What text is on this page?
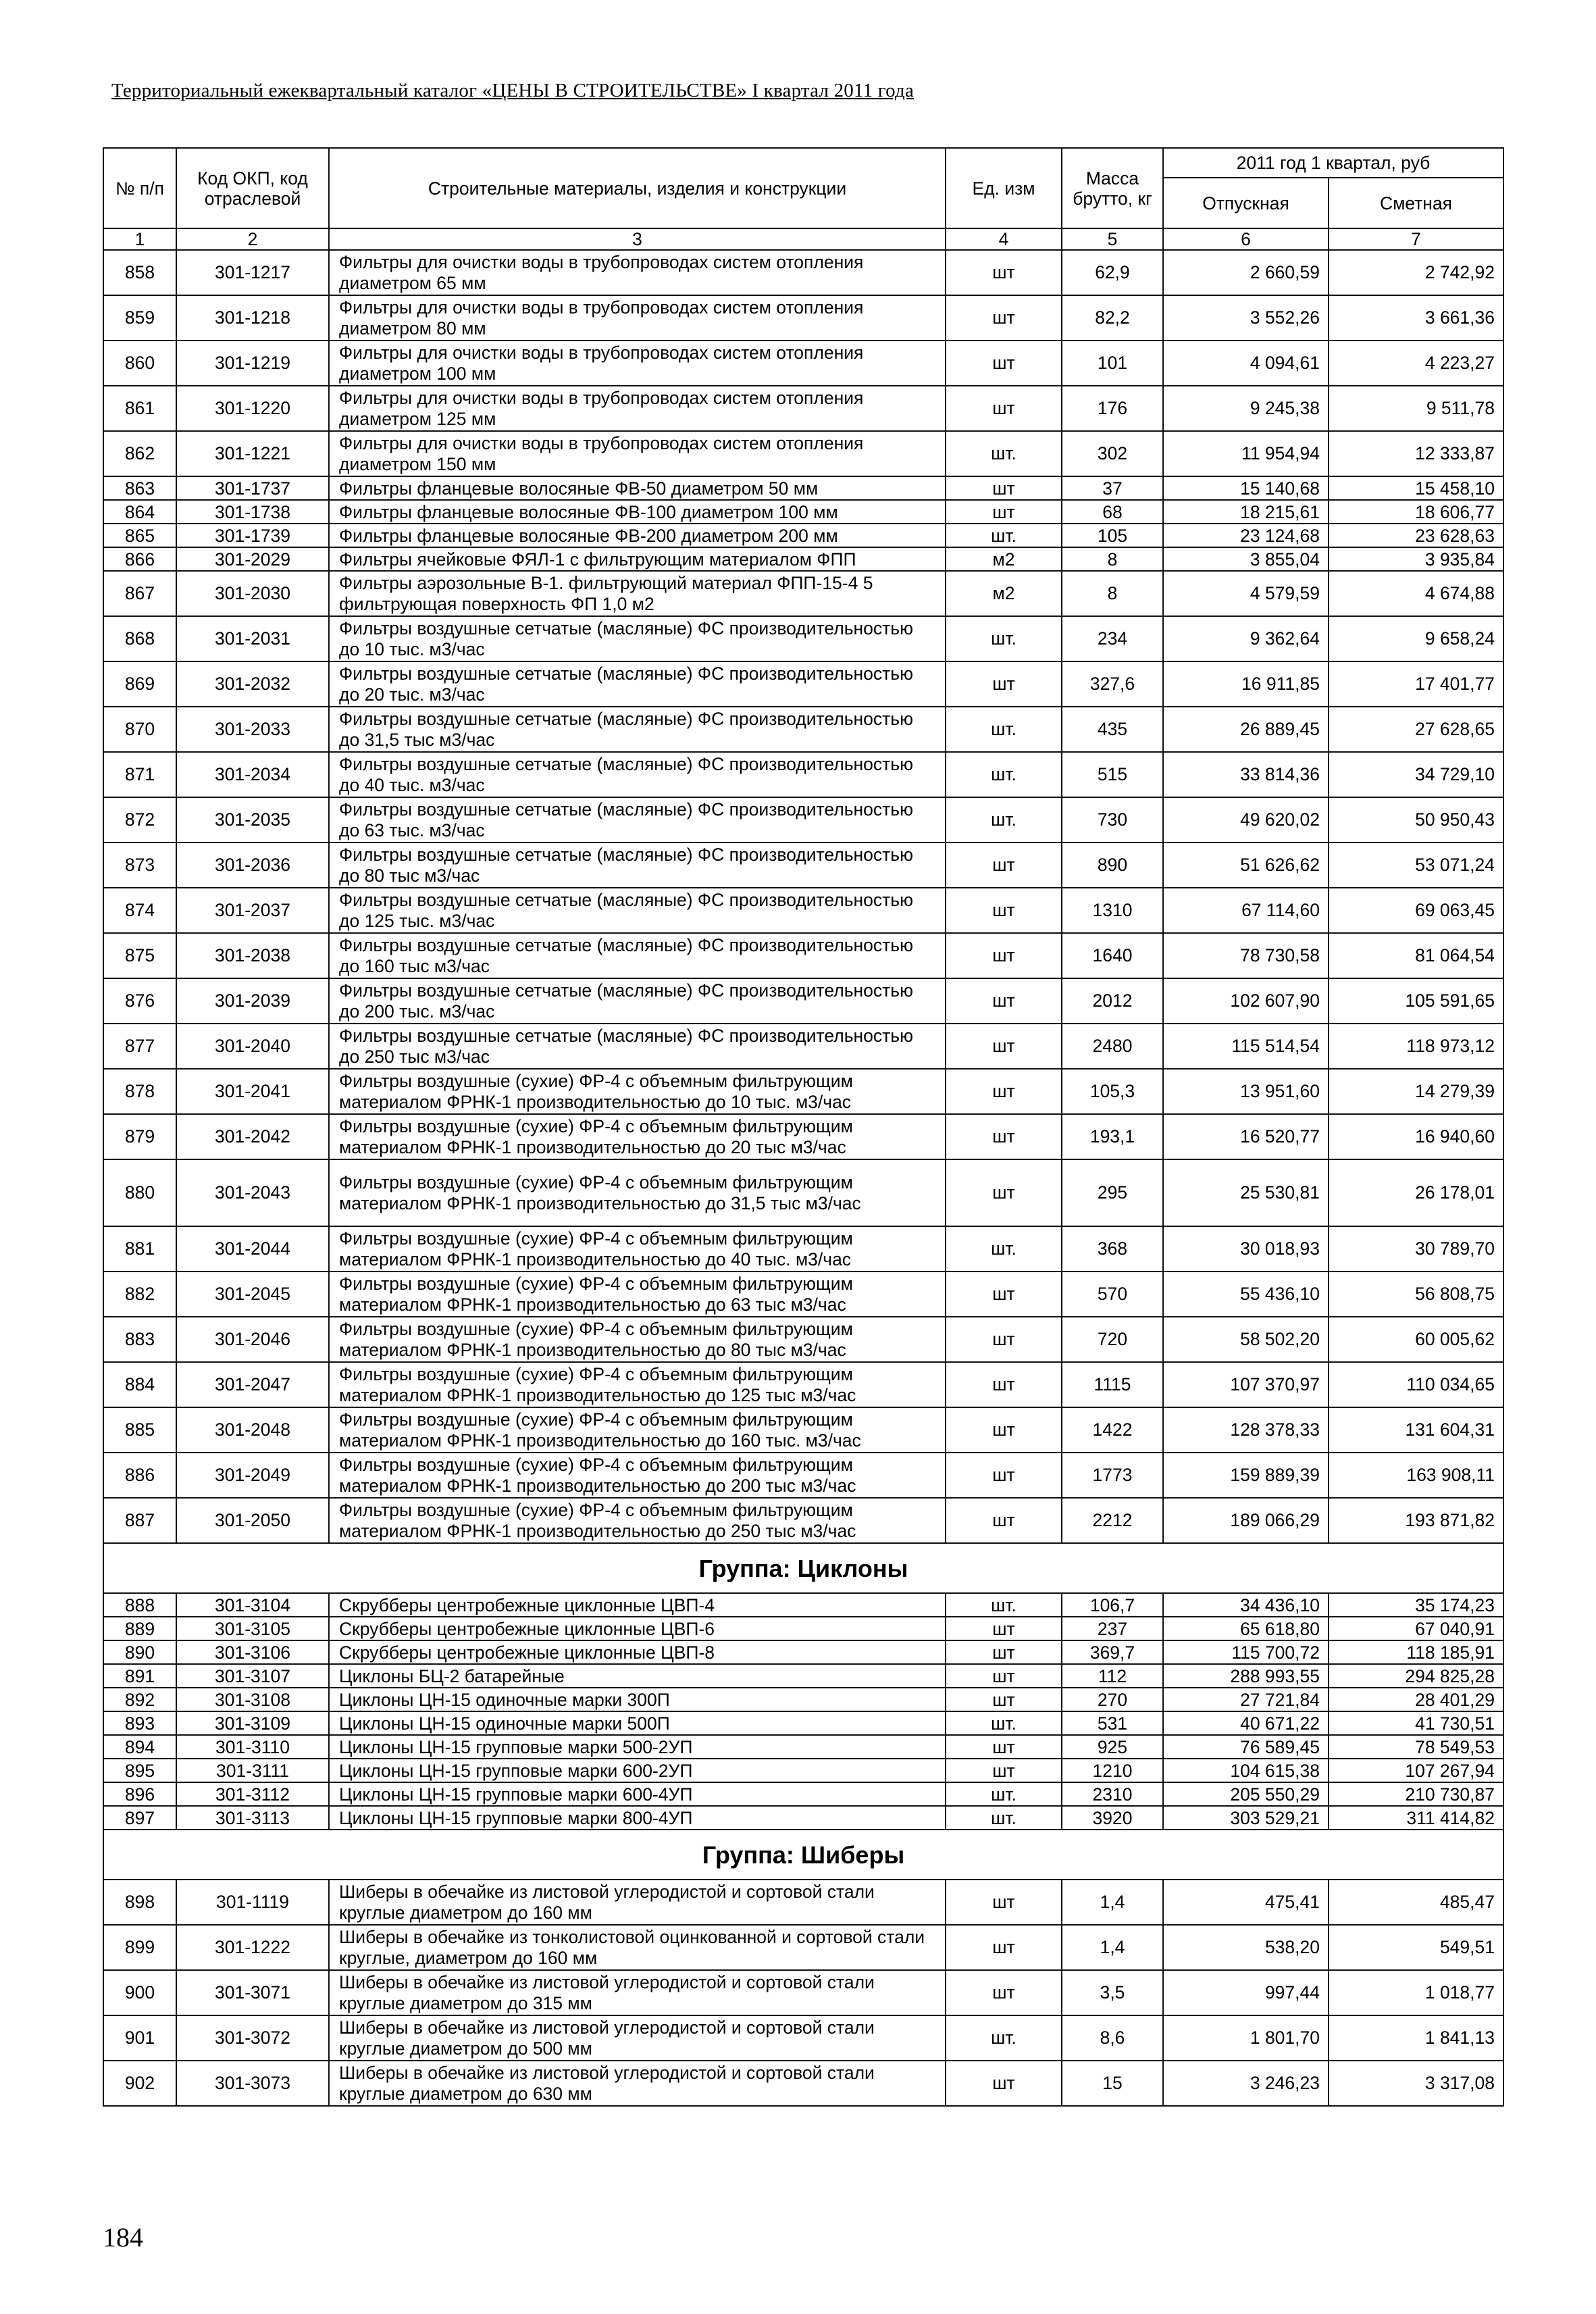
Территориальный ежеквартальный каталог «ЦЕНЫ В СТРОИТЕЛЬСТВЕ» I квартал 2011 года
№ п/п	Код ОКП, код отраслевой	Строительные материалы, изделия и конструкции	Ед. изм	Масса брутто, кг	2011 год 1 квартал, руб	
					Отпускная	Сметная
1	2	3	4	5	6	7
858	301-1217	Фильтры для очистки воды в трубопроводах систем отопления диаметром 65 мм	шт	62,9	2 660,59	2 742,92
859	301-1218	Фильтры для очистки воды в трубопроводах систем отопления диаметром 80 мм	шт	82,2	3 552,26	3 661,36
860	301-1219	Фильтры для очистки воды в трубопроводах систем отопления диаметром 100 мм	шт	101	4 094,61	4 223,27
861	301-1220	Фильтры для очистки воды в трубопроводах систем отопления диаметром 125 мм	шт	176	9 245,38	9 511,78
862	301-1221	Фильтры для очистки воды в трубопроводах систем отопления диаметром 150 мм	шт.	302	11 954,94	12 333,87
863	301-1737	Фильтры фланцевые волосяные ФВ-50 диаметром 50 мм	шт	37	15 140,68	15 458,10
864	301-1738	Фильтры фланцевые волосяные ФВ-100 диаметром 100 мм	шт	68	18 215,61	18 606,77
865	301-1739	Фильтры фланцевые волосяные ФВ-200 диаметром 200 мм	шт.	105	23 124,68	23 628,63
866	301-2029	Фильтры ячейковые ФЯЛ-1 с фильтрующим материалом ФПП	м2	8	3 855,04	3 935,84
867	301-2030	Фильтры аэрозольные В-1. фильтрующий материал ФПП-15-4 5 фильтрующая поверхность ФП 1,0 м2	м2	8	4 579,59	4 674,88
868	301-2031	Фильтры воздушные сетчатые (масляные) ФС производительностью до 10 тыс. м3/час	шт.	234	9 362,64	9 658,24
869	301-2032	Фильтры воздушные сетчатые (масляные) ФС производительностью до 20 тыс. м3/час	шт	327,6	16 911,85	17 401,77
870	301-2033	Фильтры воздушные сетчатые (масляные) ФС производительностью до 31,5 тыс м3/час	шт.	435	26 889,45	27 628,65
871	301-2034	Фильтры воздушные сетчатые (масляные) ФС производительностью до 40 тыс. м3/час	шт.	515	33 814,36	34 729,10
872	301-2035	Фильтры воздушные сетчатые (масляные) ФС производительностью до 63 тыс. м3/час	шт.	730	49 620,02	50 950,43
873	301-2036	Фильтры воздушные сетчатые (масляные) ФС производительностью до 80 тыс м3/час	шт	890	51 626,62	53 071,24
874	301-2037	Фильтры воздушные сетчатые (масляные) ФС производительностью до 125 тыс. м3/час	шт	1310	67 114,60	69 063,45
875	301-2038	Фильтры воздушные сетчатые (масляные) ФС производительностью до 160 тыс м3/час	шт	1640	78 730,58	81 064,54
876	301-2039	Фильтры воздушные сетчатые (масляные) ФС производительностью до 200 тыс. м3/час	шт	2012	102 607,90	105 591,65
877	301-2040	Фильтры воздушные сетчатые (масляные) ФС производительностью до 250 тыс м3/час	шт	2480	115 514,54	118 973,12
878	301-2041	Фильтры воздушные (сухие) ФР-4 с объемным фильтрующим материалом ФРНК-1 производительностью до 10 тыс. м3/час	шт	105,3	13 951,60	14 279,39
879	301-2042	Фильтры воздушные (сухие) ФР-4 с объемным фильтрующим материалом ФРНК-1 производительностью до 20 тыс м3/час	шт	193,1	16 520,77	16 940,60
880	301-2043	Фильтры воздушные (сухие) ФР-4 с объемным фильтрующим материалом ФРНК-1 производительностью до 31,5 тыс м3/час	шт	295	25 530,81	26 178,01
881	301-2044	Фильтры воздушные (сухие) ФР-4 с объемным фильтрующим материалом ФРНК-1 производительностью до 40 тыс. м3/час	шт.	368	30 018,93	30 789,70
882	301-2045	Фильтры воздушные (сухие) ФР-4 с объемным фильтрующим материалом ФРНК-1 производительностью до 63 тыс м3/час	шт	570	55 436,10	56 808,75
883	301-2046	Фильтры воздушные (сухие) ФР-4 с объемным фильтрующим материалом ФРНК-1 производительностью до 80 тыс м3/час	шт	720	58 502,20	60 005,62
884	301-2047	Фильтры воздушные (сухие) ФР-4 с объемным фильтрующим материалом ФРНК-1 производительностью до 125 тыс м3/час	шт	1115	107 370,97	110 034,65
885	301-2048	Фильтры воздушные (сухие) ФР-4 с объемным фильтрующим материалом ФРНК-1 производительностью до 160 тыс. м3/час	шт	1422	128 378,33	131 604,31
886	301-2049	Фильтры воздушные (сухие) ФР-4 с объемным фильтрующим материалом ФРНК-1 производительностью до 200 тыс м3/час	шт	1773	159 889,39	163 908,11
887	301-2050	Фильтры воздушные (сухие) ФР-4 с объемным фильтрующим материалом ФРНК-1 производительностью до 250 тыс м3/час	шт	2212	189 066,29	193 871,82
Группа: Циклоны						
888	301-3104	Скрубберы центробежные циклонные ЦВП-4	шт.	106,7	34 436,10	35 174,23
889	301-3105	Скрубберы центробежные циклонные ЦВП-6	шт	237	65 618,80	67 040,91
890	301-3106	Скрубберы центробежные циклонные ЦВП-8	шт	369,7	115 700,72	118 185,91
891	301-3107	Циклоны БЦ-2 батарейные	шт	112	288 993,55	294 825,28
892	301-3108	Циклоны ЦН-15 одиночные марки 300П	шт	270	27 721,84	28 401,29
893	301-3109	Циклоны ЦН-15 одиночные марки 500П	шт.	531	40 671,22	41 730,51
894	301-3110	Циклоны ЦН-15 групповые марки 500-2УП	шт	925	76 589,45	78 549,53
895	301-3111	Циклоны ЦН-15 групповые марки 600-2УП	шт	1210	104 615,38	107 267,94
896	301-3112	Циклоны ЦН-15 групповые марки 600-4УП	шт.	2310	205 550,29	210 730,87
897	301-3113	Циклоны ЦН-15 групповые марки 800-4УП	шт.	3920	303 529,21	311 414,82
Группа: Шиберы						
898	301-1119	Шиберы в обечайке из листовой углеродистой и сортовой стали круглые диаметром до 160 мм	шт	1,4	475,41	485,47
899	301-1222	Шиберы в обечайке из тонколистовой оцинкованной и сортовой стали круглые, диаметром до 160 мм	шт	1,4	538,20	549,51
900	301-3071	Шиберы в обечайке из листовой углеродистой и сортовой стали круглые диаметром до 315 мм	шт	3,5	997,44	1 018,77
901	301-3072	Шиберы в обечайке из листовой углеродистой и сортовой стали круглые диаметром до 500 мм	шт.	8,6	1 801,70	1 841,13
902	301-3073	Шиберы в обечайке из листовой углеродистой и сортовой стали круглые диаметром до 630 мм	шт	15	3 246,23	3 317,08
184
